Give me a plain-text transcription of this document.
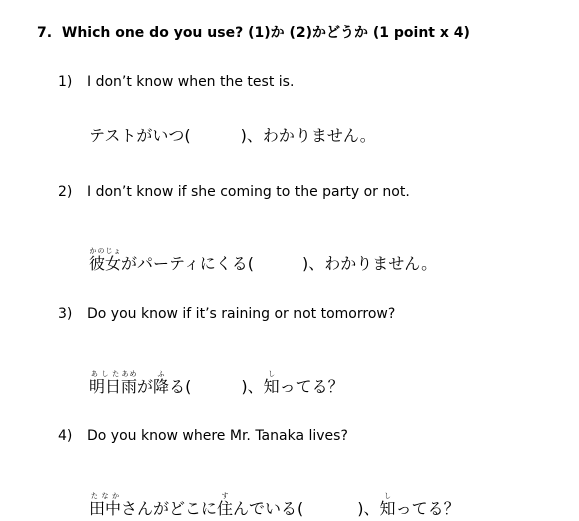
7. Which one do you use? (1)か (2)かどうか (1 point x 4)
1) I don’t know when the test is.
テストがいつ(	)、わかりません。
2) I don’t know if she coming to the party or not.
彼女かのじょがパーティにくる(	)、わかりません。
3) Do you know if it’s raining or not tomorrow?
明日あした雨あめが降ふる(	)、知しってる？
4) Do you know where Mr. Tanaka lives?
田中たなかさんがどこに住すんでいる(	)、知しってる？
